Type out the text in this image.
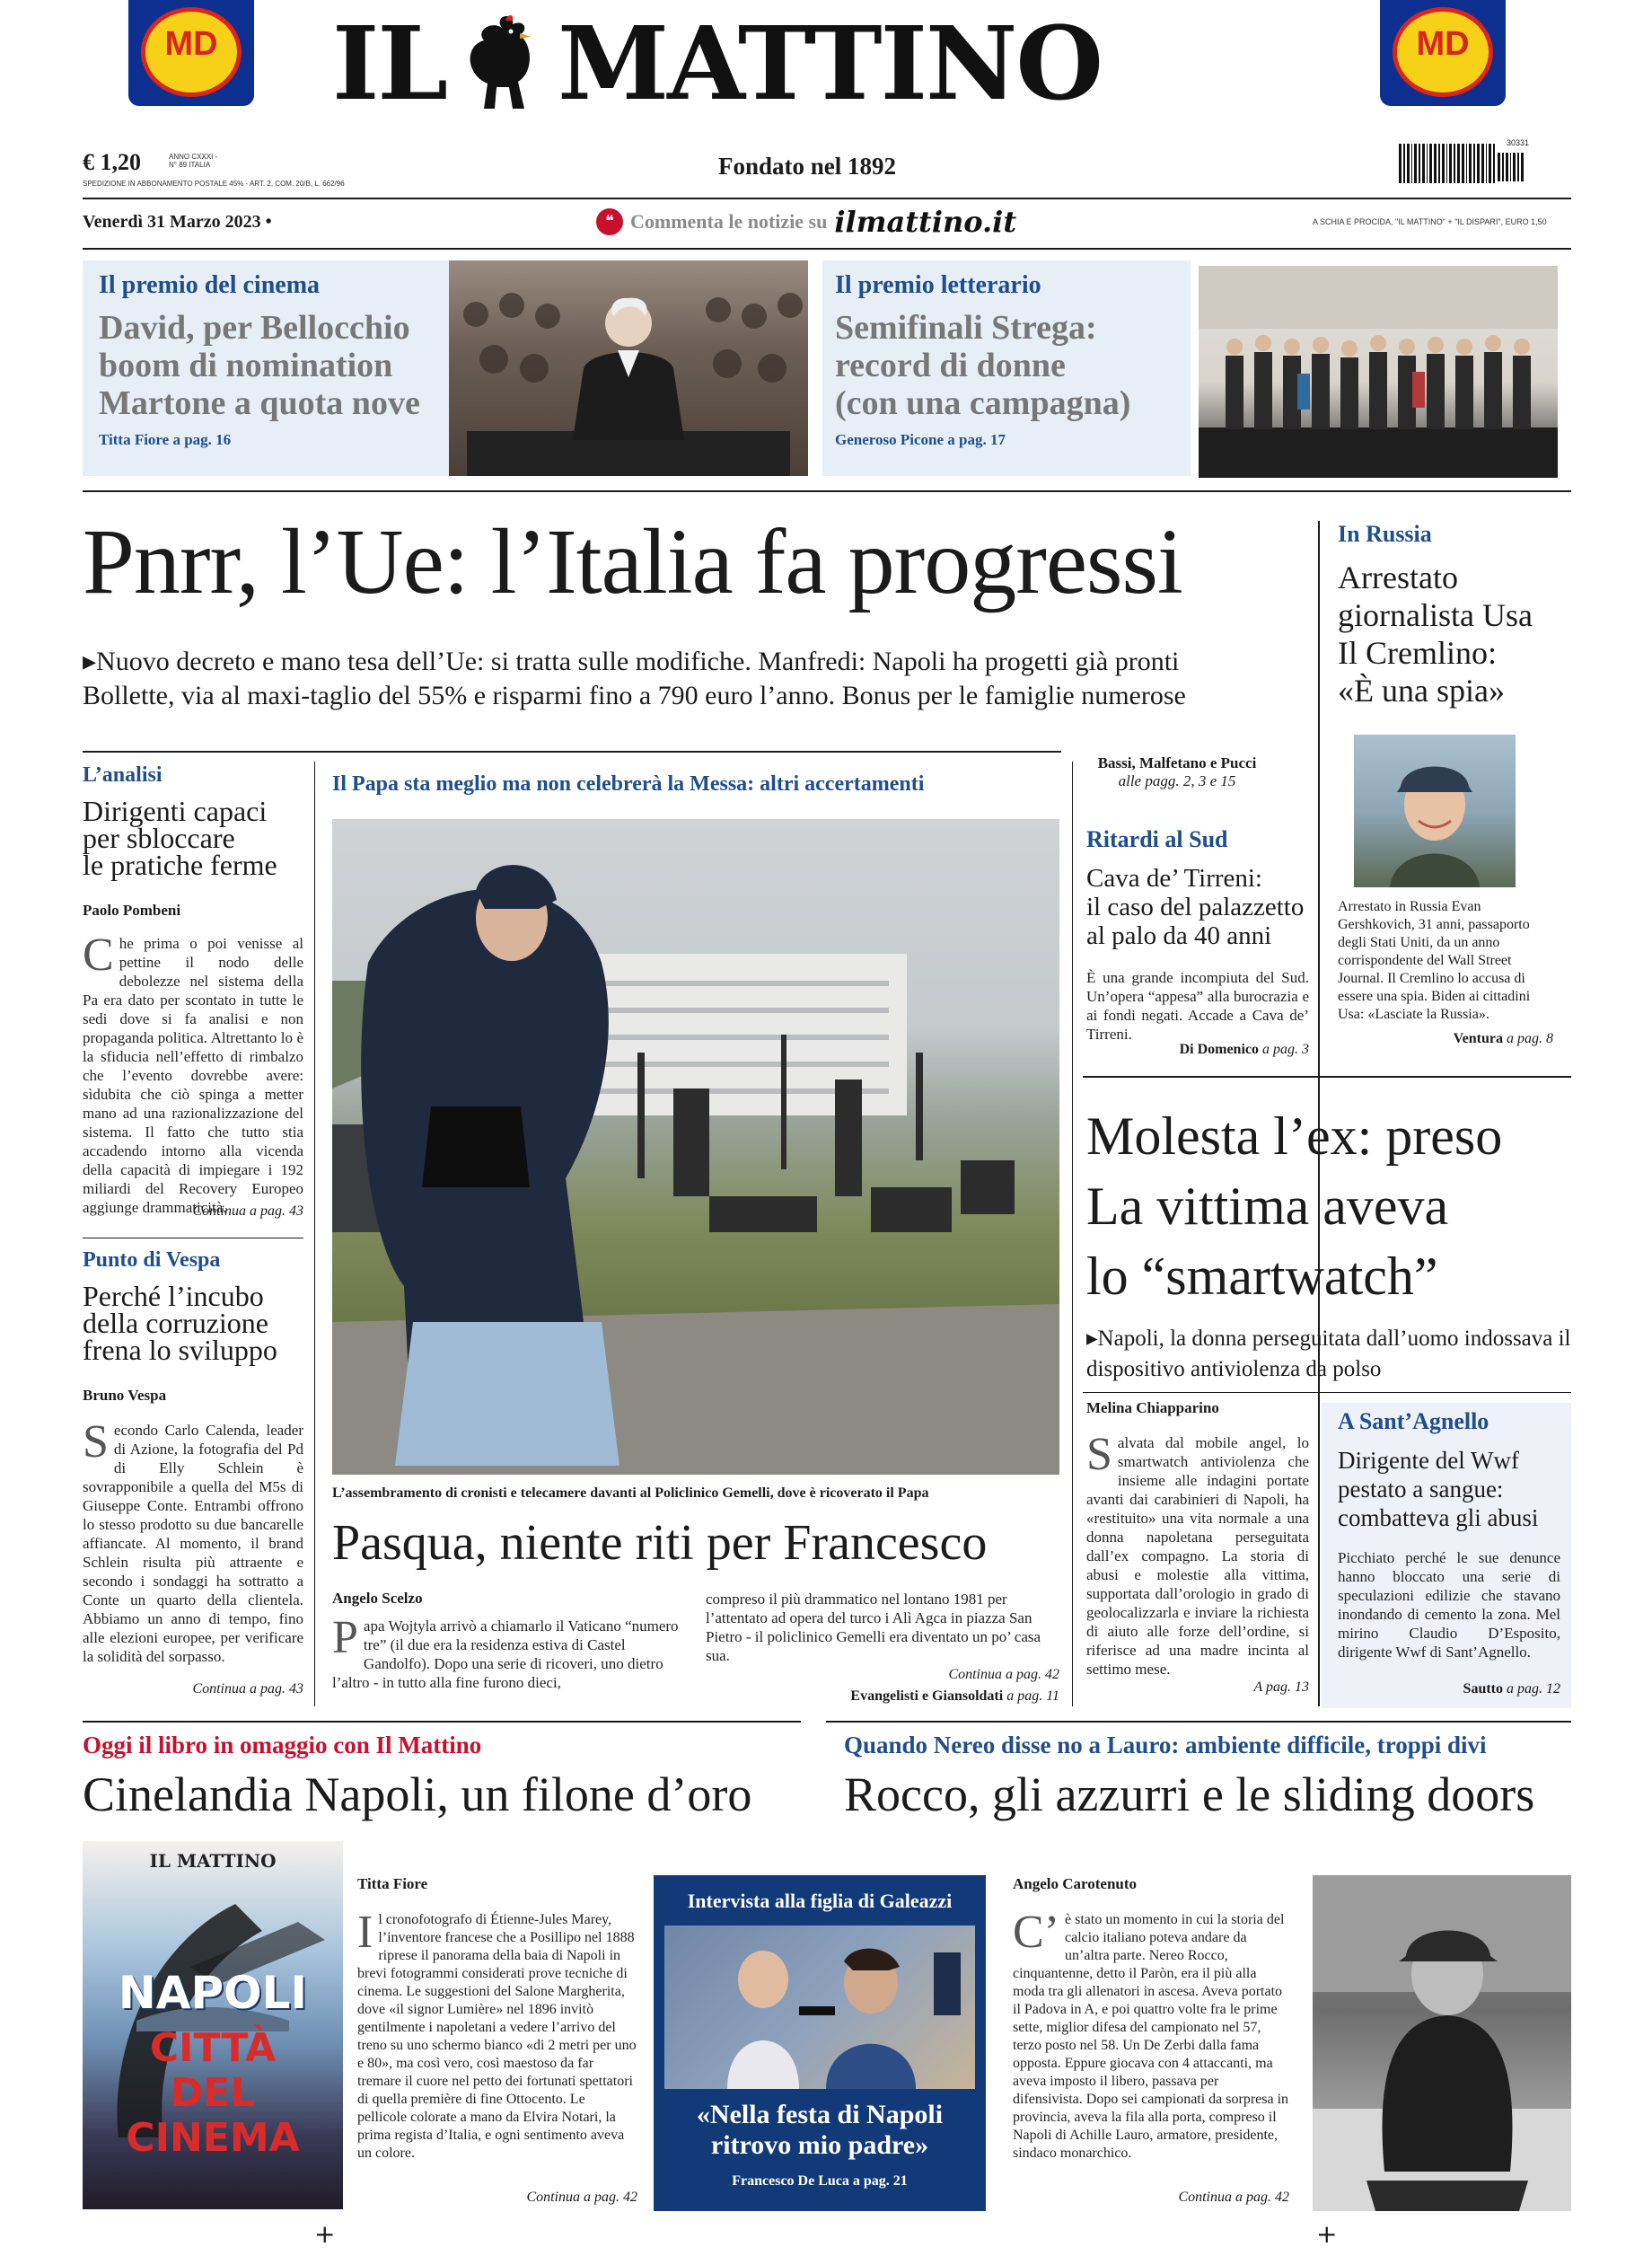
MD	MD
IL MATTINO
€ 1,20	ANNO CXXXI - N° 89 ITALIA
SPEDIZIONE IN ABBONAMENTO POSTALE 45% - ART. 2, COM. 20/B, L. 662/96
Fondato nel 1892
30331
Venerdì 31 Marzo 2023 •	❝ Commenta le notizie su ilmattino.it	A SCHIA E PROCIDA, "IL MATTINO" + "IL DISPARI", EURO 1,50
Il premio del cinema
David, per Bellocchio
boom di nomination
Martone a quota nove
Titta Fiore a pag. 16
Il premio letterario
Semifinali Strega:
record di donne
(con una campagna)
Generoso Picone a pag. 17
Pnrr, l’Ue: l’Italia fa progressi
▸Nuovo decreto e mano tesa dell’Ue: si tratta sulle modifiche. Manfredi: Napoli ha progetti già pronti
Bollette, via al maxi-taglio del 55% e risparmi fino a 790 euro l’anno. Bonus per le famiglie numerose
Bassi, Malfetano e Pucci
alle pagg. 2, 3 e 15
In Russia
Arrestato
giornalista Usa
Il Cremlino:
«È una spia»
Arrestato in Russia Evan Gershkovich, 31 anni, passaporto degli Stati Uniti, da un anno corrispondente del Wall Street Journal. Il Cremlino lo accusa di essere una spia. Biden ai cittadini Usa: «Lasciate la Russia».
Ventura a pag. 8
L’analisi
Dirigenti capaci
per sbloccare
le pratiche ferme
Paolo Pombeni
C he prima o poi venisse al pettine il nodo delle debolezze nel sistema della Pa era dato per scontato in tutte le sedi dove si fa analisi e non propaganda politica. Altrettanto lo è la sfiducia nell’effetto di rimbalzo che l’evento dovrebbe avere: sìdubita che ciò spinga a metter mano ad una razionalizzazione del sistema. Il fatto che tutto stia accadendo intorno alla vicenda della capacità di impiegare i 192 miliardi del Recovery Europeo aggiunge drammaticità.
Continua a pag. 43
Punto di Vespa
Perché l’incubo
della corruzione
frena lo sviluppo
Bruno Vespa
S econdo Carlo Calenda, leader di Azione, la fotografia del Pd di Elly Schlein è sovrapponibile a quella del M5s di Giuseppe Conte. Entrambi offrono lo stesso prodotto su due bancarelle affiancate. Al momento, il brand Schlein risulta più attraente e secondo i sondaggi ha sottratto a Conte un quarto della clientela. Abbiamo un anno di tempo, fino alle elezioni europee, per verificare la solidità del sorpasso.
Continua a pag. 43
Il Papa sta meglio ma non celebrerà la Messa: altri accertamenti
L’assembramento di cronisti e telecamere davanti al Policlinico Gemelli, dove è ricoverato il Papa
Pasqua, niente riti per Francesco
Angelo Scelzo
P apa Wojtyla arrivò a chiamarlo il Vaticano “numero tre” (il due era la residenza estiva di Castel Gandolfo). Dopo una serie di ricoveri, uno dietro l’altro - in tutto alla fine furono dieci,
compreso il più drammatico nel lontano 1981 per l’attentato ad opera del turco i Alì Agca in piazza San Pietro - il policlinico Gemelli era diventato un po’ casa sua.
Continua a pag. 42
Evangelisti e Giansoldati a pag. 11
Ritardi al Sud
Cava de’ Tirreni:
il caso del palazzetto
al palo da 40 anni
È una grande incompiuta del Sud. Un’opera “appesa” alla burocrazia e ai fondi negati. Accade a Cava de’ Tirreni.
Di Domenico a pag. 3
Molesta l’ex: preso
La vittima aveva
lo “smartwatch”
▸Napoli, la donna perseguitata dall’uomo indossava il dispositivo antiviolenza da polso
Melina Chiapparino
S alvata dal mobile angel, lo smartwatch antiviolenza che insieme alle indagini portate avanti dai carabinieri di Napoli, ha «restituito» una vita normale a una donna napoletana perseguitata dall’ex compagno. La storia di abusi e molestie alla vittima, supportata dall’orologio in grado di geolocalizzarla e inviare la richiesta di aiuto alle forze dell’ordine, si riferisce ad una madre incinta al settimo mese.
A pag. 13
A Sant’Agnello
Dirigente del Wwf
pestato a sangue:
combatteva gli abusi
Picchiato perché le sue denunce hanno bloccato una serie di speculazioni edilizie che stavano inondando di cemento la zona. Mel mirino Claudio D’Esposito, dirigente Wwf di Sant’Agnello.
Sautto a pag. 12
Oggi il libro in omaggio con Il Mattino
Cinelandia Napoli, un filone d’oro
IL MATTINO
NAPOLI
CITTÀ
DEL
CINEMA
Titta Fiore
I l cronofotografo di Étienne-Jules Marey, l’inventore francese che a Posillipo nel 1888 riprese il panorama della baia di Napoli in brevi fotogrammi considerati prove tecniche di cinema. Le suggestioni del Salone Margherita, dove «il signor Lumière» nel 1896 invitò gentilmente i napoletani a vedere l’arrivo del treno su uno schermo bianco «di 2 metri per uno e 80», ma così vero, così maestoso da far tremare il cuore nel petto dei fortunati spettatori di quella première di fine Ottocento. Le pellicole colorate a mano da Elvira Notari, la prima regista d’Italia, e ogni sentimento aveva un colore.
Continua a pag. 42
Intervista alla figlia di Galeazzi
«Nella festa di Napoli
ritrovo mio padre»
Francesco De Luca a pag. 21
Quando Nereo disse no a Lauro: ambiente difficile, troppi divi
Rocco, gli azzurri e le sliding doors
Angelo Carotenuto
C’ è stato un momento in cui la storia del calcio italiano poteva andare da un’altra parte. Nereo Rocco, cinquantenne, detto il Paròn, era il più alla moda tra gli allenatori in ascesa. Aveva portato il Padova in A, e poi quattro volte fra le prime sette, miglior difesa del campionato nel 57, terzo posto nel 58. Un De Zerbi dalla fama opposta. Eppure giocava con 4 attaccanti, ma aveva imposto il libero, passava per difensivista. Dopo sei campionati da sorpresa in provincia, aveva la fila alla porta, compreso il Napoli di Achille Lauro, armatore, presidente, sindaco monarchico.
Continua a pag. 42
+	+
